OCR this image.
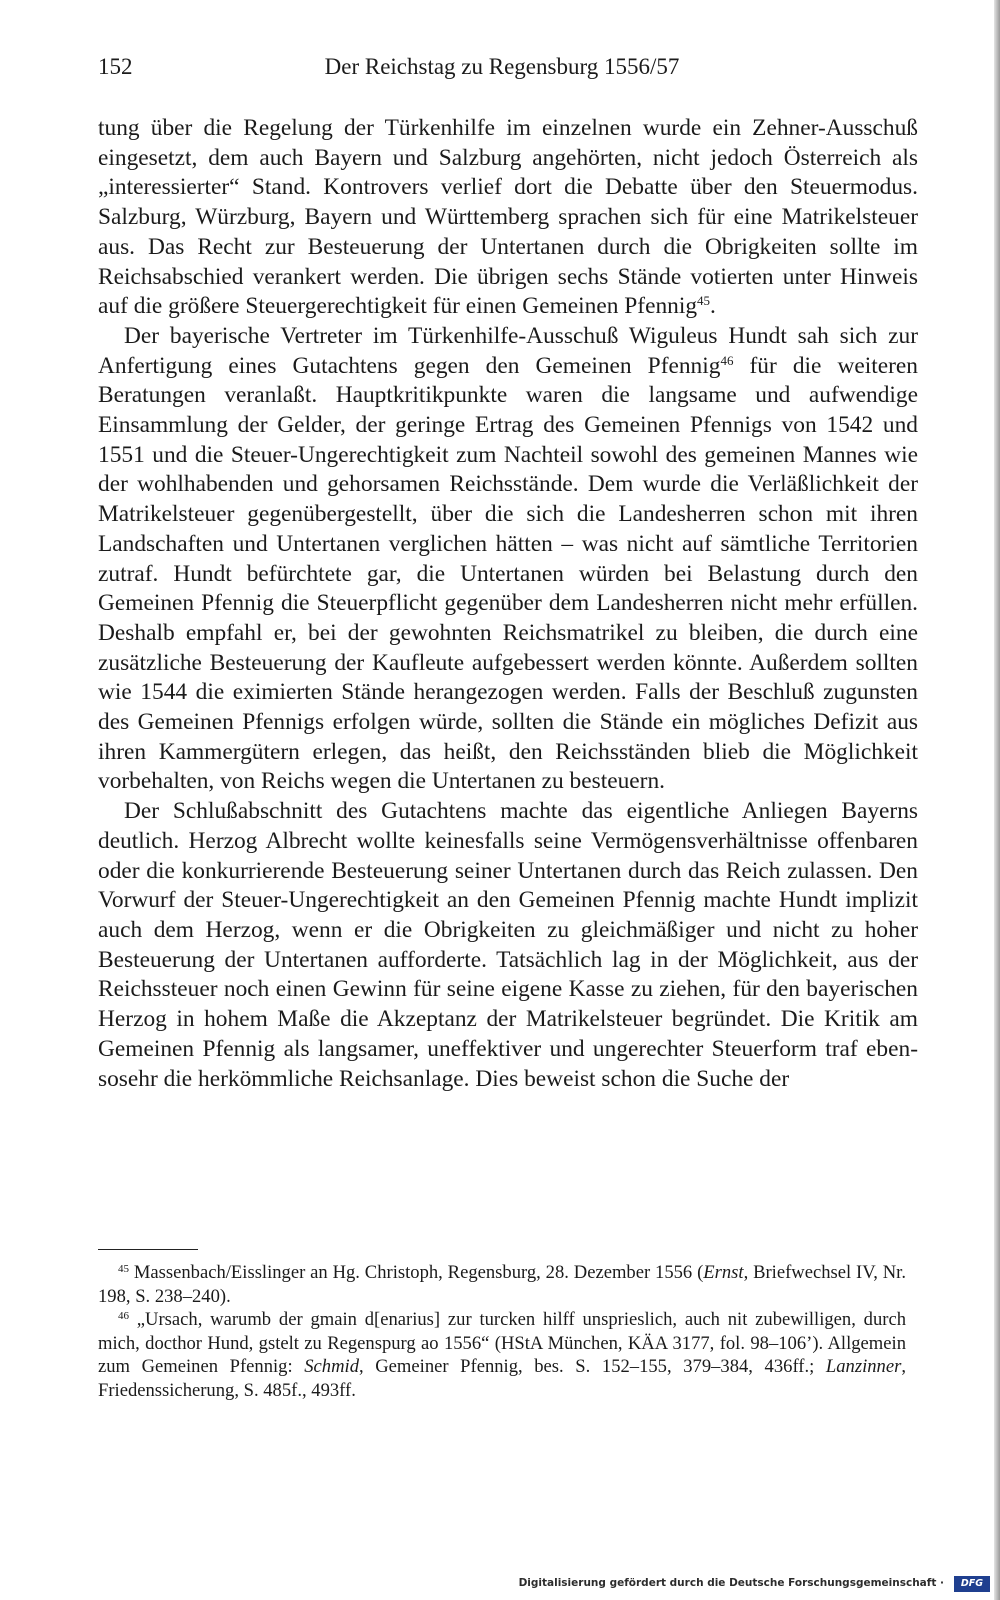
152	Der Reichstag zu Regensburg 1556/57

tung über die Regelung der Türkenhilfe im einzelnen wurde ein Zehner-Ausschuß eingesetzt, dem auch Bayern und Salzburg angehörten, nicht jedoch Österreich als „interessierter“ Stand. Kontrovers verlief dort die Debatte über den Steuermodus. Salzburg, Würzburg, Bayern und Württemberg sprachen sich für eine Matrikelsteuer aus. Das Recht zur Besteuerung der Untertanen durch die Obrigkeiten sollte im Reichsabschied verankert werden. Die übrigen sechs Stände votierten unter Hinweis auf die größere Steuergerechtigkeit für einen Gemeinen Pfennig$^{45}$.

Der bayerische Vertreter im Türkenhilfe-Ausschuß Wiguleus Hundt sah sich zur Anfertigung eines Gutachtens gegen den Gemeinen Pfennig$^{46}$ für die weiteren Beratungen veranlaßt. Hauptkritikpunkte waren die langsame und aufwendige Einsammlung der Gelder, der geringe Ertrag des Gemeinen Pfennigs von 1542 und 1551 und die Steuer-Ungerechtigkeit zum Nachteil sowohl des gemeinen Mannes wie der wohlhabenden und gehorsamen Reichsstände. Dem wurde die Verläßlichkeit der Matrikelsteuer gegenübergestellt, über die sich die Landesherren schon mit ihren Landschaften und Untertanen verglichen hätten – was nicht auf sämtliche Territorien zutraf. Hundt befürchtete gar, die Untertanen würden bei Belastung durch den Gemeinen Pfennig die Steuerpflicht gegenüber dem Landesherren nicht mehr erfüllen. Deshalb empfahl er, bei der gewohnten Reichsmatrikel zu bleiben, die durch eine zusätzliche Besteuerung der Kaufleute aufgebessert werden könnte. Außerdem sollten wie 1544 die eximierten Stände herangezogen werden. Falls der Beschluß zugunsten des Gemeinen Pfennigs erfolgen würde, sollten die Stände ein mögliches Defizit aus ihren Kammergütern erlegen, das heißt, den Reichsständen blieb die Möglichkeit vorbehalten, von Reichs wegen die Untertanen zu besteuern.

Der Schlußabschnitt des Gutachtens machte das eigentliche Anliegen Bayerns deutlich. Herzog Albrecht wollte keinesfalls seine Vermögensverhältnisse offenbaren oder die konkurrierende Besteuerung seiner Untertanen durch das Reich zulassen. Den Vorwurf der Steuer-Ungerechtigkeit an den Gemeinen Pfennig machte Hundt implizit auch dem Herzog, wenn er die Obrigkeiten zu gleichmäßiger und nicht zu hoher Besteuerung der Untertanen aufforderte. Tatsächlich lag in der Möglichkeit, aus der Reichssteuer noch einen Gewinn für seine eigene Kasse zu ziehen, für den bayerischen Herzog in hohem Maße die Akzeptanz der Matrikelsteuer begründet. Die Kritik am Gemeinen Pfennig als langsamer, uneffektiver und ungerechter Steuerform traf ebensosehr die herkömmliche Reichsanlage. Dies beweist schon die Suche der

$^{45}$ Massenbach/Eisslinger an Hg. Christoph, Regensburg, 28. Dezember 1556 (Ernst, Briefwechsel IV, Nr. 198, S. 238–240).

$^{46}$ „Ursach, warumb der gmain d[enarius] zur turcken hilff unsprieslich, auch nit zubewilligen, durch mich, docthor Hund, gstelt zu Regenspurg ao 1556“ (HStA München, KÄA 3177, fol. 98–106’). Allgemein zum Gemeinen Pfennig: Schmid, Gemeiner Pfennig, bes. S. 152–155, 379–384, 436ff.; Lanzinner, Friedenssicherung, S. 485f., 493ff.

Digitalisierung gefördert durch die Deutsche Forschungsgemeinschaft ·	DFG
